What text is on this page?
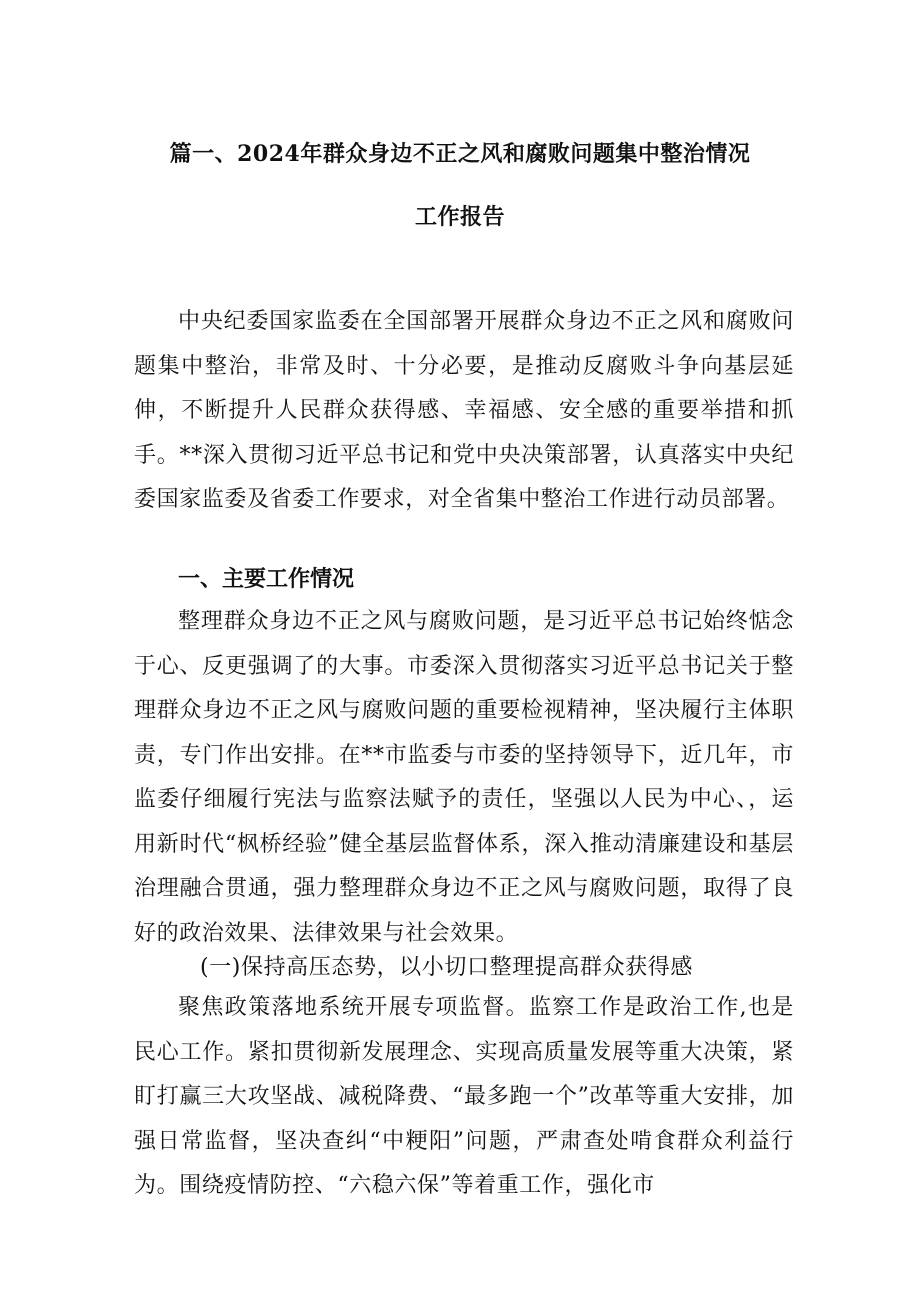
篇一、2024年群众身边不正之风和腐败问题集中整治情况
工作报告

中央纪委国家监委在全国部署开展群众身边不正之风和腐败问题集中整治，非常及时、十分必要，是推动反腐败斗争向基层延伸，不断提升人民群众获得感、幸福感、安全感的重要举措和抓手。**深入贯彻习近平总书记和党中央决策部署，认真落实中央纪委国家监委及省委工作要求，对全省集中整治工作进行动员部署。

一、主要工作情况

整理群众身边不正之风与腐败问题，是习近平总书记始终惦念于心、反更强调了的大事。市委深入贯彻落实习近平总书记关于整理群众身边不正之风与腐败问题的重要检视精神，坚决履行主体职责，专门作出安排。在**市监委与市委的坚持领导下，近几年，市监委仔细履行宪法与监察法赋予的责任，坚强以人民为中心、，运用新时代“枫桥经验”健全基层监督体系，深入推动清廉建设和基层治理融合贯通，强力整理群众身边不正之风与腐败问题，取得了良好的政治效果、法律效果与社会效果。

(一)保持高压态势，以小切口整理提高群众获得感

聚焦政策落地系统开展专项监督。监察工作是政治工作,也是民心工作。紧扣贯彻新发展理念、实现高质量发展等重大决策，紧盯打赢三大攻坚战、减税降费、“最多跑一个”改革等重大安排，加强日常监督，坚决查纠“中粳阳”问题，严肃查处啃食群众利益行为。围绕疫情防控、“六稳六保”等着重工作，强化市
